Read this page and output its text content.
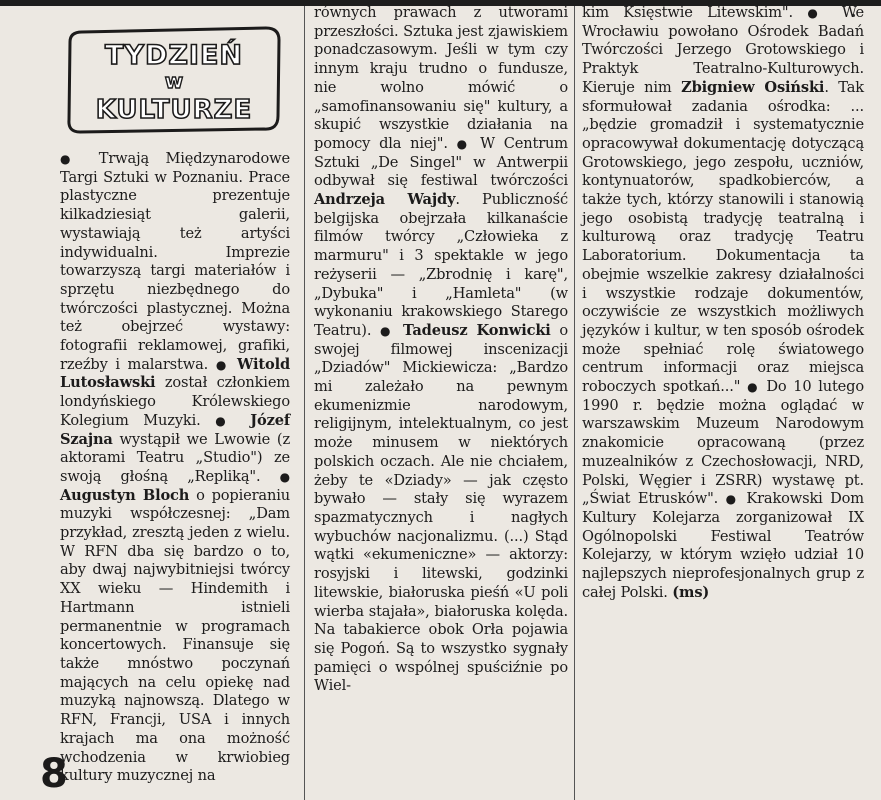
TYDZIEŃ
w
KULTURZE

● Trwają Międzynarodowe Targi Sztuki w Poznaniu. Prace plastyczne prezentuje kilkadziesiąt galerii, wystawiają też artyści indywidualni. Imprezie towarzyszą targi materiałów i sprzętu niezbędnego do twórczości plastycznej. Można też obejrzeć wystawy: fotografii reklamowej, grafiki, rzeźby i malarstwa. ● Witold Lutosławski został członkiem londyńskiego Królewskiego Kolegium Muzyki. ● Józef Szajna wystąpił we Lwowie (z aktorami Teatru „Studio") ze swoją głośną „Repliką". ● Augustyn Bloch o popieraniu muzyki współczesnej: „Dam przykład, zresztą jeden z wielu. W RFN dba się bardzo o to, aby dwaj najwybitniejsi twórcy XX wieku — Hindemith i Hartmann istnieli permanentnie w programach koncertowych. Finansuje się także mnóstwo poczynań mających na celu opiekę nad muzyką najnowszą. Dlatego w RFN, Francji, USA i innych krajach ma ona możność wchodzenia w krwiobieg kultury muzycznej na

równych prawach z utworami przeszłości. Sztuka jest zjawiskiem ponadczasowym. Jeśli w tym czy innym kraju trudno o fundusze, nie wolno mówić o „samofinansowaniu się" kultury, a skupić wszystkie działania na pomocy dla niej". ● W Centrum Sztuki „De Singel" w Antwerpii odbywał się festiwal twórczości Andrzeja Wajdy. Publiczność belgijska obejrzała kilkanaście filmów twórcy „Człowieka z marmuru" i 3 spektakle w jego reżyserii — „Zbrodnię i karę", „Dybuka" i „Hamleta" (w wykonaniu krakowskiego Starego Teatru). ● Tadeusz Konwicki o swojej filmowej inscenizacji „Dziadów" Mickiewicza: „Bardzo mi zależało na pewnym ekumenizmie narodowym, religijnym, intelektualnym, co jest może minusem w niektórych polskich oczach. Ale nie chciałem, żeby te «Dziady» — jak często bywało — stały się wyrazem spazmatycznych i nagłych wybuchów nacjonalizmu. (...) Stąd wątki «ekumeniczne» — aktorzy: rosyjski i litewski, godzinki litewskie, białoruska pieśń «U poli wierba stajała», białoruska kolęda. Na tabakierce obok Orła pojawia się Pogoń. Są to wszystko sygnały pamięci o wspólnej spuściźnie po Wiel-

kim Księstwie Litewskim". ● We Wrocławiu powołano Ośrodek Badań Twórczości Jerzego Grotowskiego i Praktyk Teatralno-Kulturowych. Kieruje nim Zbigniew Osiński. Tak sformułował zadania ośrodka: ...„będzie gromadził i systematycznie opracowywał dokumentację dotyczącą Grotowskiego, jego zespołu, uczniów, kontynuatorów, spadkobierców, a także tych, którzy stanowili i stanowią jego osobistą tradycję teatralną i kulturową oraz tradycję Teatru Laboratorium. Dokumentacja ta obejmie wszelkie zakresy działalności i wszystkie rodzaje dokumentów, oczywiście ze wszystkich możliwych języków i kultur, w ten sposób ośrodek może spełniać rolę światowego centrum informacji oraz miejsca roboczych spotkań..." ● Do 10 lutego 1990 r. będzie można oglądać w warszawskim Muzeum Narodowym znakomicie opracowaną (przez muzealników z Czechosłowacji, NRD, Polski, Węgier i ZSRR) wystawę pt. „Świat Etrusków". ● Krakowski Dom Kultury Kolejarza zorganizował IX Ogólnopolski Festiwal Teatrów Kolejarzy, w którym wzięło udział 10 najlepszych nieprofesjonalnych grup z całej Polski. (ms)

8
